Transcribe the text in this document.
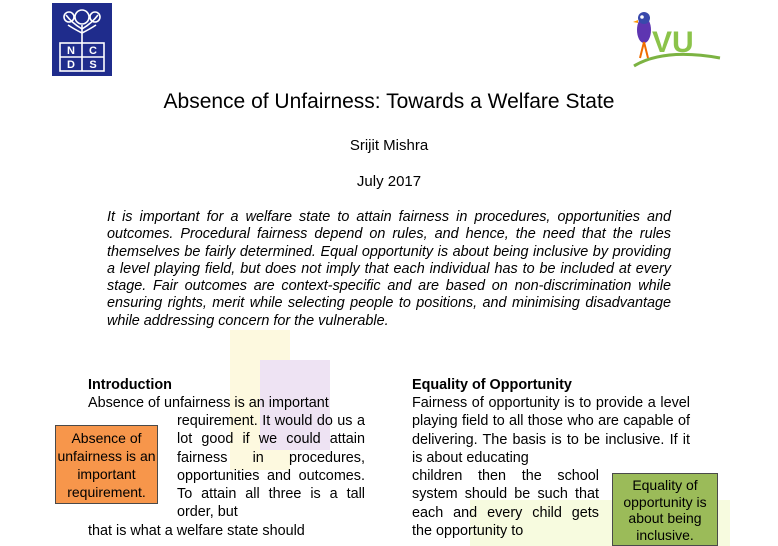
N C
D S
VU
Absence of Unfairness: Towards a Welfare State
Srijit Mishra
July 2017
It is important for a welfare state to attain fairness in procedures, opportunities and outcomes. Procedural fairness depend on rules, and hence, the need that the rules themselves be fairly determined. Equal opportunity is about being inclusive by providing a level playing field, but does not imply that each individual has to be included at every stage. Fair outcomes are context-specific and are based on non-discrimination while ensuring rights, merit while selecting people to positions, and minimising disadvantage while addressing concern for the vulnerable.
Introduction
Absence of unfairness is an important
requirement. It would do us a lot good if we could attain fairness in procedures, opportunities and outcomes. To attain all three is a tall order, but
that is what a welfare state should
Equality of Opportunity
Fairness of opportunity is to provide a level playing field to all those who are capable of delivering. The basis is to be inclusive. If it is about educating
children then the school system should be such that each and every child gets the opportunity to
Absence of unfairness is an important requirement.	Equality of opportunity is about being inclusive.
